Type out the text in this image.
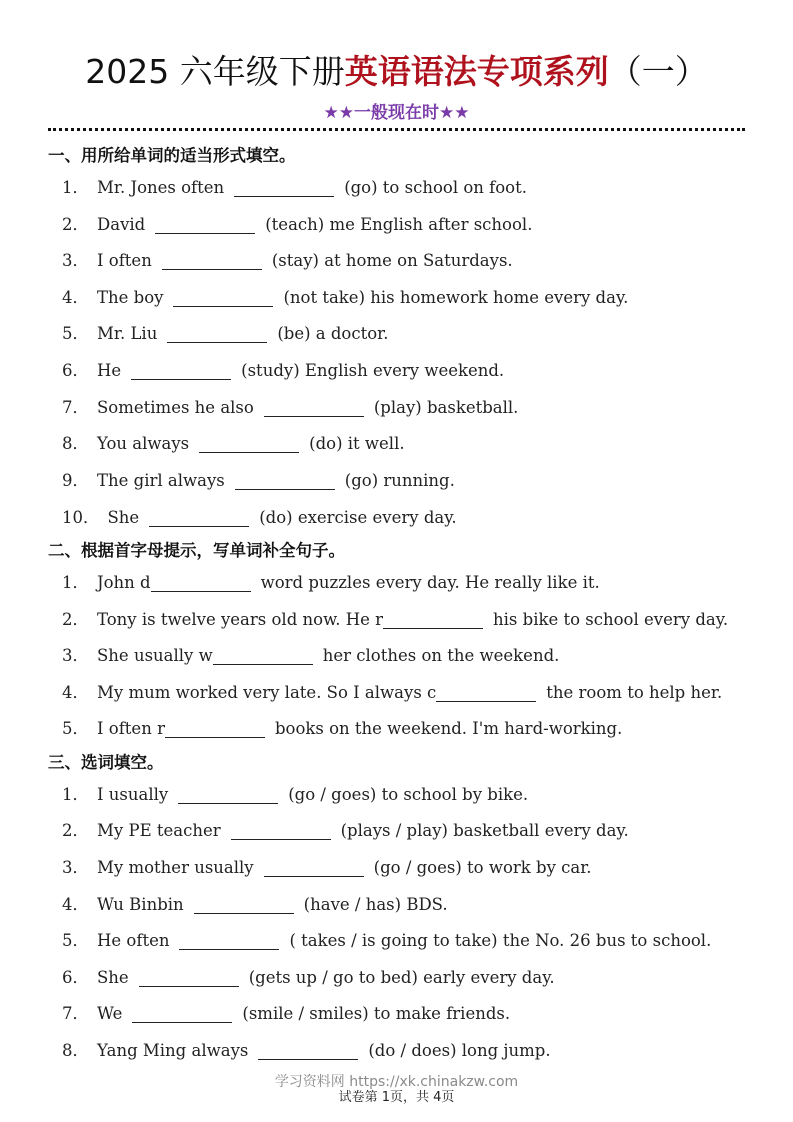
2025 六年级下册英语语法专项系列（一）
★★一般现在时★★
一、用所给单词的适当形式填空。
1． Mr. Jones often	(go) to school on foot.
2． David	(teach) me English after school.
3． I often	(stay) at home on Saturdays.
4． The boy	(not take) his homework home every day.
5． Mr. Liu	(be) a doctor.
6． He	(study) English every weekend.
7． Sometimes he also	(play) basketball.
8． You always	(do) it well.
9． The girl always	(go) running.
10． She	(do) exercise every day.
二、根据首字母提示，写单词补全句子。
1． John d	word puzzles every day. He really like it.
2． Tony is twelve years old now. He r	his bike to school every day.
3． She usually w	her clothes on the weekend.
4． My mum worked very late. So I always c	the room to help her.
5． I often r	books on the weekend. I'm hard-working.
三、选词填空。
1． I usually	(go / goes) to school by bike.
2． My PE teacher	(plays / play) basketball every day.
3． My mother usually	(go / goes) to work by car.
4． Wu Binbin	(have / has) BDS.
5． He often	( takes / is going to take) the No. 26 bus to school.
6． She	(gets up / go to bed) early every day.
7． We	(smile / smiles) to make friends.
8． Yang Ming always	(do / does) long jump.
学习资料网 https://xk.chinakzw.com
试卷第 1页，共 4页
